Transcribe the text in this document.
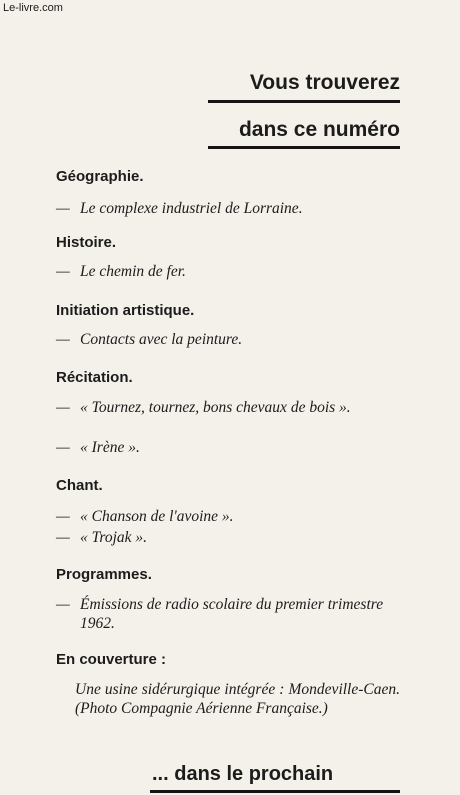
Le-livre.com
Vous trouverez
dans ce numéro
Géographie.
— Le complexe industriel de Lorraine.
Histoire.
— Le chemin de fer.
Initiation artistique.
— Contacts avec la peinture.
Récitation.
— « Tournez, tournez, bons chevaux de bois ».
— « Irène ».
Chant.
— « Chanson de l'avoine ».
— « Trojak ».
Programmes.
— Émissions de radio scolaire du premier trimestre 1962.
En couverture :
Une usine sidérurgique intégrée : Mondeville-Caen. (Photo Compagnie Aérienne Française.)
... dans le prochain
